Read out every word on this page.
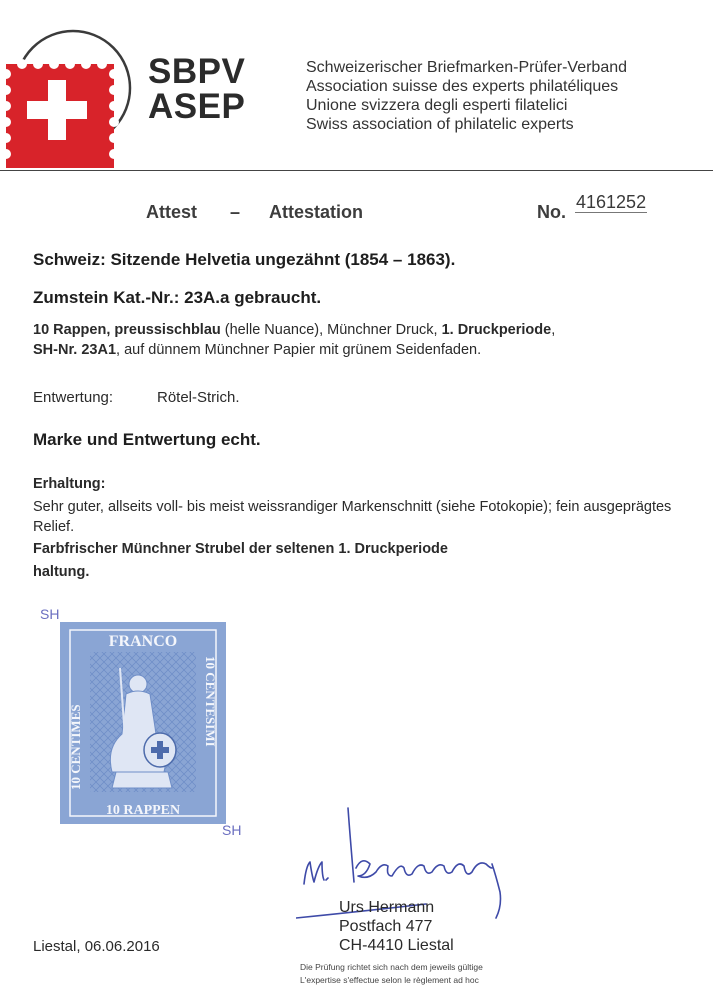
SBPV
ASEP
Schweizerischer Briefmarken-Prüfer-Verband
Association suisse des experts philatéliques
Unione svizzera degli esperti filatelici
Swiss association of philatelic experts
Attest – Attestation	No. 4161252
Schweiz: Sitzende Helvetia ungezähnt (1854 – 1863).
Zumstein Kat.-Nr.: 23A.a gebraucht.
10 Rappen, preussischblau (helle Nuance), Münchner Druck, 1. Druckperiode,
SH-Nr. 23A1, auf dünnem Münchner Papier mit grünem Seidenfaden.
Entwertung:	Rötel-Strich.
Marke und Entwertung echt.
Erhaltung:
Sehr guter, allseits voll- bis meist weissrandiger Markenschnitt (siehe Fotokopie); fein ausgeprägtes Relief.
Farbfrischer Münchner Strubel der seltenen 1. Druckperiode
haltung.
SH
FRANCO
10 RAPPEN
10 CENTIMES
10 CENTESIMI
SH
Urs Hermann
Postfach 477
CH-4410 Liestal
Liestal, 06.06.2016
Die Prüfung richtet sich nach dem jeweils gültige
L'expertise s'effectue selon le règlement ad hoc
